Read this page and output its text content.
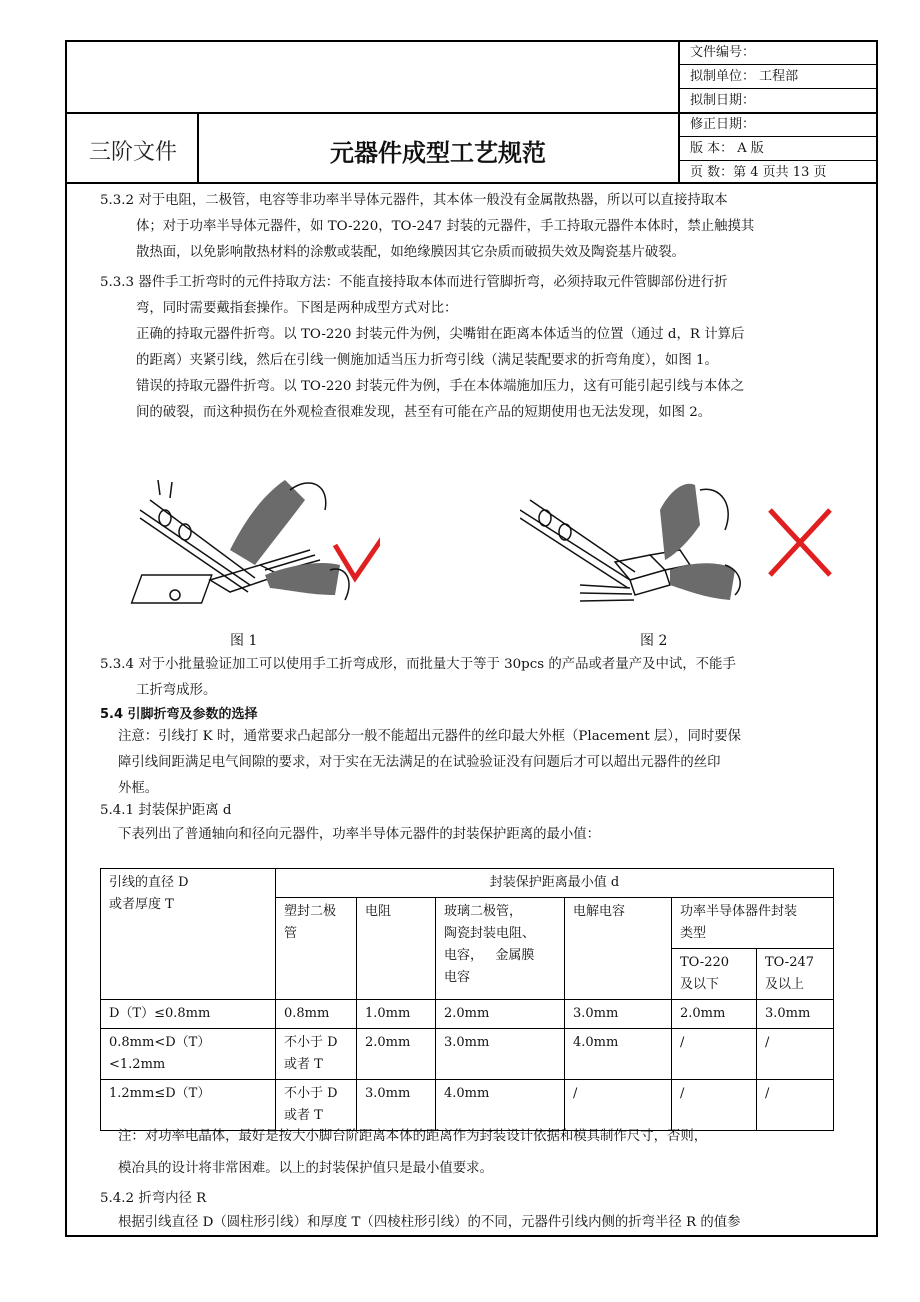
文件编号：
拟制单位： 工程部
拟制日期：
修正日期：
版 本： A 版
页 数：第 4 页共 13 页
三阶文件	元器件成型工艺规范
5.3.2 对于电阻，二极管，电容等非功率半导体元器件，其本体一般没有金属散热器，所以可以直接持取本
体；对于功率半导体元器件，如 TO-220，TO-247 封装的元器件，手工持取元器件本体时，禁止触摸其
散热面，以免影响散热材料的涂敷或装配，如绝缘膜因其它杂质而破损失效及陶瓷基片破裂。
5.3.3 器件手工折弯时的元件持取方法：不能直接持取本体而进行管脚折弯，必须持取元件管脚部份进行折
弯，同时需要戴指套操作。下图是两种成型方式对比：
正确的持取元器件折弯。以 TO-220 封装元件为例，尖嘴钳在距离本体适当的位置（通过 d，R 计算后
的距离）夹紧引线，然后在引线一侧施加适当压力折弯引线（满足装配要求的折弯角度），如图 1。
错误的持取元器件折弯。以 TO-220 封装元件为例，手在本体端施加压力，这有可能引起引线与本体之
间的破裂，而这种损伤在外观检查很难发现，甚至有可能在产品的短期使用也无法发现，如图 2。
图 1	图 2
5.3.4 对于小批量验证加工可以使用手工折弯成形，而批量大于等于 30pcs 的产品或者量产及中试，不能手
工折弯成形。
5.4 引脚折弯及参数的选择
注意：引线打 K 时，通常要求凸起部分一般不能超出元器件的丝印最大外框（Placement 层），同时要保
障引线间距满足电气间隙的要求，对于实在无法满足的在试验验证没有问题后才可以超出元器件的丝印
外框。
5.4.1 封装保护距离 d
下表列出了普通轴向和径向元器件，功率半导体元器件的封装保护距离的最小值：
引线的直径 D
或者厚度 T	封装保护距离最小值 d					
	塑封二极
管	电阻	玻璃二极管，
陶瓷封装电阻、
电容，   金属膜
电容	电解电容	功率半导体器件封装
类型	
					TO-220
及以下	TO-247
及以上
D（T）≤0.8mm	0.8mm	1.0mm	2.0mm	3.0mm	2.0mm	3.0mm
0.8mm<D（T）
<1.2mm	不小于 D
或者 T	2.0mm	3.0mm	4.0mm	/	/
1.2mm≤D（T）	不小于 D
或者 T	3.0mm	4.0mm	/	/	/
注：对功率电晶体，最好是按大小脚台阶距离本体的距离作为封装设计依据和模具制作尺寸，否则，
模冶具的设计将非常困难。以上的封装保护值只是最小值要求。
5.4.2 折弯内径 R
根据引线直径 D（圆柱形引线）和厚度 T（四棱柱形引线）的不同，元器件引线内侧的折弯半径 R 的值参
